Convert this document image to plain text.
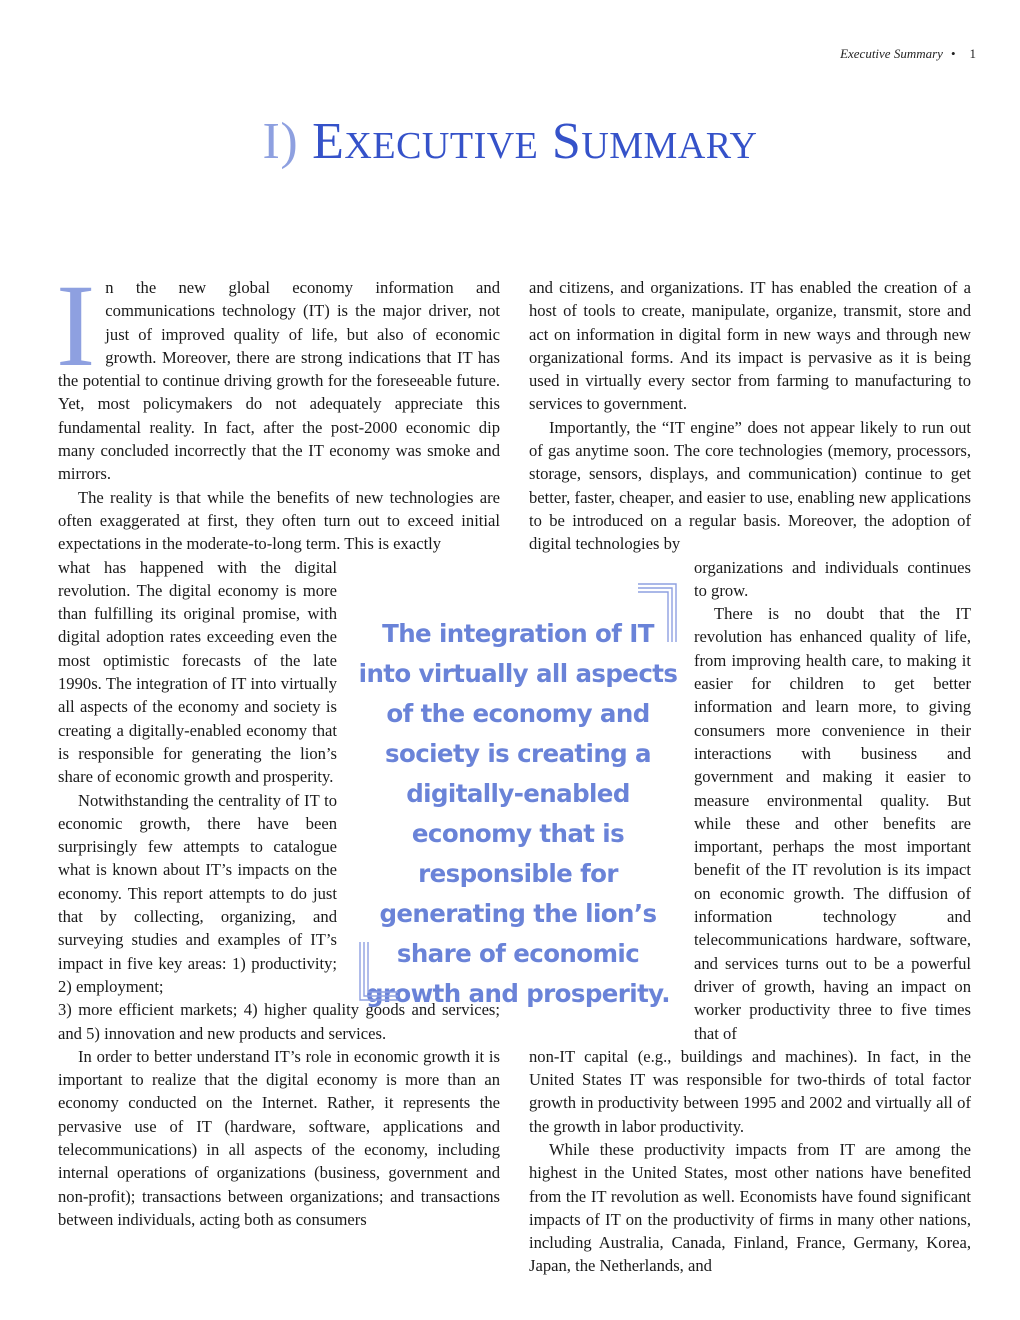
Executive Summary • 1
I) EXECUTIVE SUMMARY

In the new global economy information and communications technology (IT) is the major driver, not just of improved quality of life, but also of economic growth. Moreover, there are strong indications that IT has the potential to continue driving growth for the foreseeable future. Yet, most policymakers do not adequately appreciate this fundamental reality. In fact, after the post-2000 economic dip many concluded incorrectly that the IT economy was smoke and mirrors.

The reality is that while the benefits of new technologies are often exaggerated at first, they often turn out to exceed initial expectations in the moderate-to-long term. This is exactly

what has happened with the digital revolution. The digital economy is more than fulfilling its original promise, with digital adoption rates exceeding even the most optimistic forecasts of the late 1990s. The integration of IT into virtually all aspects of the economy and society is creating a digitally-enabled economy that is responsible for generating the lion’s share of economic growth and prosperity.

Notwithstanding the centrality of IT to economic growth, there have been surprisingly few attempts to catalogue what is known about IT’s impacts on the economy. This report attempts to do just that by collecting, organizing, and surveying studies and examples of IT’s impact in five key areas: 1) productivity; 2) employment;

3) more efficient markets; 4) higher quality goods and services; and 5) innovation and new products and services.

In order to better understand IT’s role in economic growth it is important to realize that the digital economy is more than an economy conducted on the Internet. Rather, it represents the pervasive use of IT (hardware, software, applications and telecommunications) in all aspects of the economy, including internal operations of organizations (business, government and non-profit); transactions between organizations; and transactions between individuals, acting both as consumers

and citizens, and organizations. IT has enabled the creation of a host of tools to create, manipulate, organize, transmit, store and act on information in digital form in new ways and through new organizational forms. And its impact is pervasive as it is being used in virtually every sector from farming to manufacturing to services to government.

Importantly, the “IT engine” does not appear likely to run out of gas anytime soon. The core technologies (memory, processors, storage, sensors, displays, and communication) continue to get better, faster, cheaper, and easier to use, enabling new applications to be introduced on a regular basis. Moreover, the adoption of digital technologies by

organizations and individuals continues to grow.

There is no doubt that the IT revolution has enhanced quality of life, from improving health care, to making it easier for children to get better information and learn more, to giving consumers more convenience in their interactions with business and government and making it easier to measure environmental quality. But while these and other benefits are important, perhaps the most important benefit of the IT revolution is its impact on economic growth. The diffusion of information technology and telecommunications hardware, software, and services turns out to be a powerful driver of growth, having an impact on worker productivity three to five times that of

non-IT capital (e.g., buildings and machines). In fact, in the United States IT was responsible for two-thirds of total factor growth in productivity between 1995 and 2002 and virtually all of the growth in labor productivity.

While these productivity impacts from IT are among the highest in the United States, most other nations have benefited from the IT revolution as well. Economists have found significant impacts of IT on the productivity of firms in many other nations, including Australia, Canada, Finland, France, Germany, Korea, Japan, the Netherlands, and

The integration of IT into virtually all aspects of the economy and society is creating a digitally-enabled economy that is responsible for generating the lion’s share of economic growth and prosperity.
